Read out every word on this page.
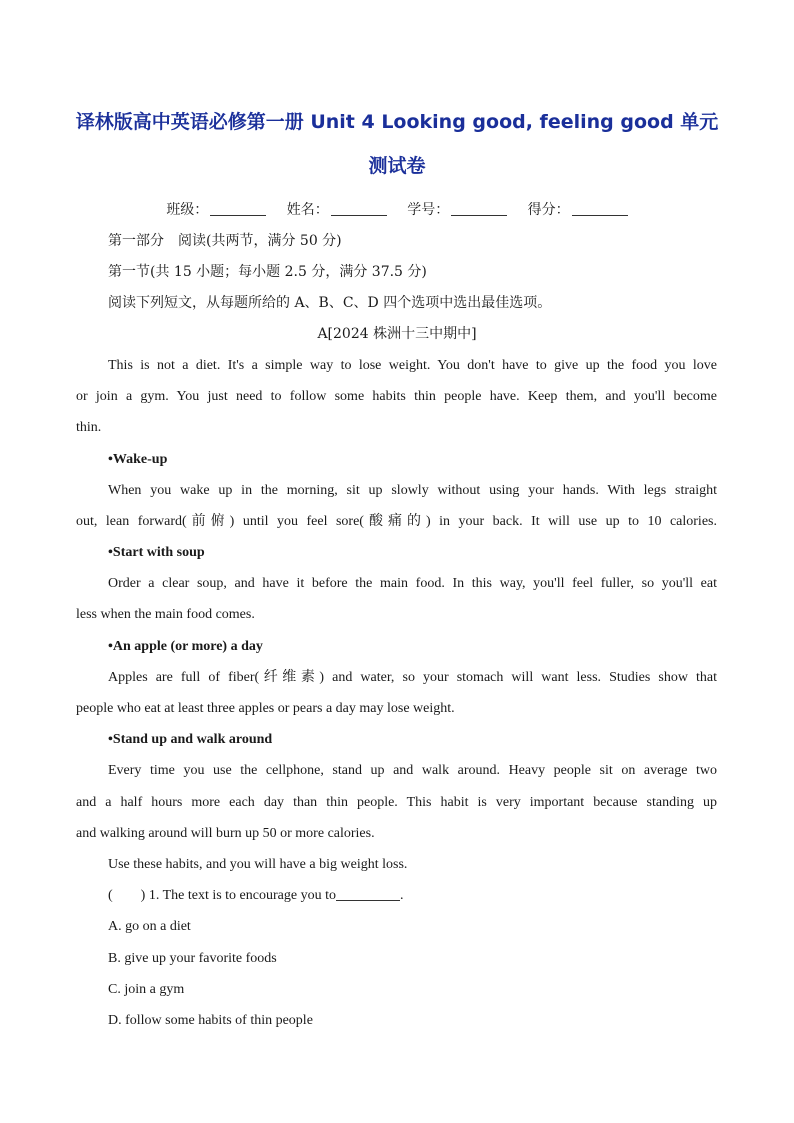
译林版高中英语必修第一册 Unit 4 Looking good, feeling good 单元测试卷
班级：	姓名：	学号：	得分：
第一部分　阅读(共两节，满分 50 分)
第一节(共 15 小题；每小题 2.5 分，满分 37.5 分)
阅读下列短文，从每题所给的 A、B、C、D 四个选项中选出最佳选项。
A[2024 株洲十三中期中]
This is not a diet. It's a simple way to lose weight. You don't have to give up the food you love
or join a gym. You just need to follow some habits thin people have. Keep them, and you'll become
thin.
•Wake-up
When you wake up in the morning, sit up slowly without using your hands. With legs straight
out, lean forward(前俯) until you feel sore(酸痛的) in your back. It will use up to 10 calories.
•Start with soup
Order a clear soup, and have it before the main food. In this way, you'll feel fuller, so you'll eat
less when the main food comes.
•An apple (or more) a day
Apples are full of fiber(纤维素) and water, so your stomach will want less. Studies show that
people who eat at least three apples or pears a day may lose weight.
•Stand up and walk around
Every time you use the cellphone, stand up and walk around. Heavy people sit on average two
and a half hours more each day than thin people. This habit is very important because standing up
and walking around will burn up 50 or more calories.
Use these habits, and you will have a big weight loss.
(　　) 1. The text is to encourage you to	.
A. go on a diet
B. give up your favorite foods
C. join a gym
D. follow some habits of thin people
